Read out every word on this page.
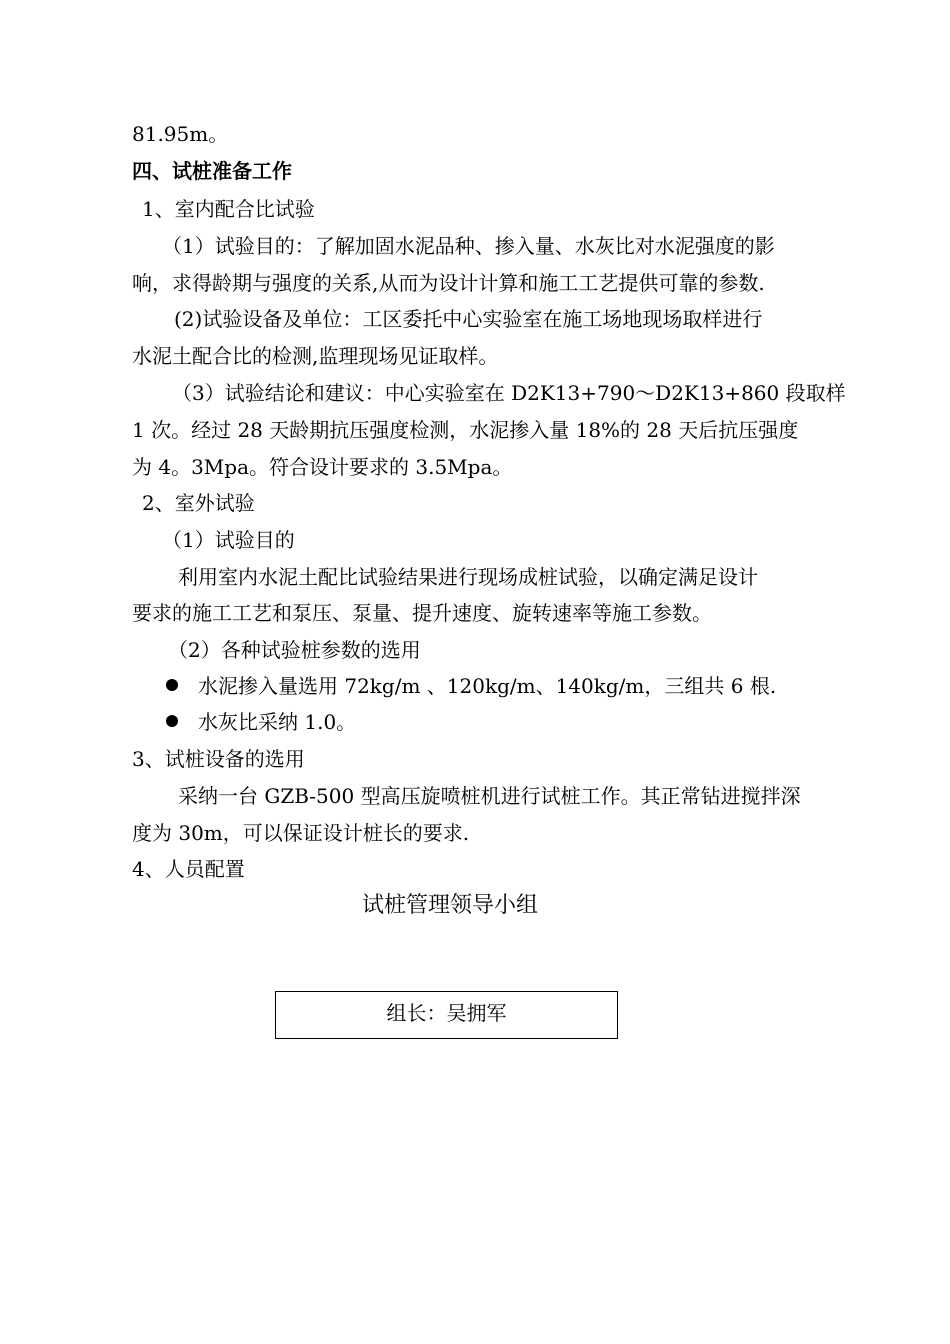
81.95m。
四、试桩准备工作
1、室内配合比试验
（1）试验目的：了解加固水泥品种、掺入量、水灰比对水泥强度的影
响，求得龄期与强度的关系,从而为设计计算和施工工艺提供可靠的参数.
(2)试验设备及单位：工区委托中心实验室在施工场地现场取样进行
水泥土配合比的检测,监理现场见证取样。
（3）试验结论和建议：中心实验室在 D2K13+790～D2K13+860 段取样
1 次。经过 28 天龄期抗压强度检测，水泥掺入量 18%的 28 天后抗压强度
为 4。3Mpa。符合设计要求的 3.5Mpa。
2、室外试验
（1）试验目的
利用室内水泥土配比试验结果进行现场成桩试验，以确定满足设计
要求的施工工艺和泵压、泵量、提升速度、旋转速率等施工参数。
（2）各种试验桩参数的选用
水泥掺入量选用 72kg/m 、120kg/m、140kg/m，三组共 6 根.
水灰比采纳 1.0。
3、试桩设备的选用
采纳一台 GZB-500 型高压旋喷桩机进行试桩工作。其正常钻进搅拌深
度为 30m，可以保证设计桩长的要求.
4、人员配置
试桩管理领导小组
组长：吴拥军
